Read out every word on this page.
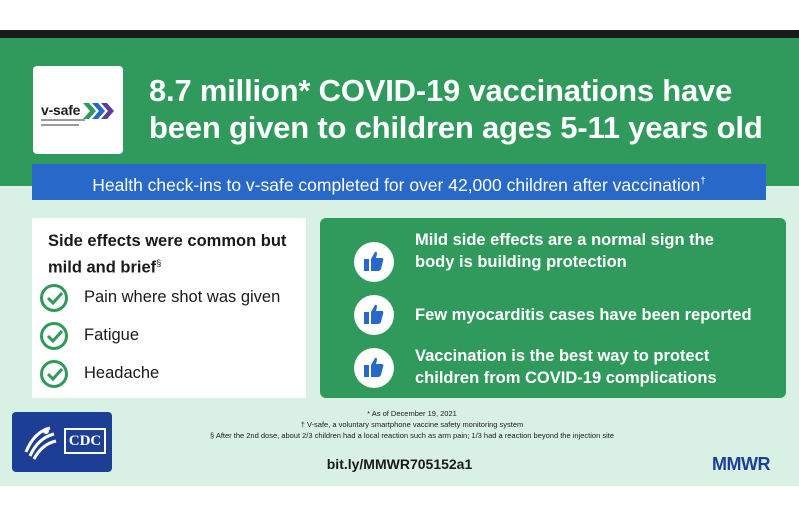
v-safe
8.7 million* COVID-19 vaccinations have
been given to children ages 5-11 years old
Health check-ins to v-safe completed for over 42,000 children after vaccination†
Side effects were common but mild and brief§
Pain where shot was given
Fatigue
Headache
Mild side effects are a normal sign the
body is building protection
Few myocarditis cases have been reported
Vaccination is the best way to protect
children from COVID-19 complications
CDC
* As of December 19, 2021
† V-safe, a voluntary smartphone vaccine safety monitoring system
§ After the 2nd dose, about 2/3 children had a local reaction such as arm pain; 1/3 had a reaction beyond the injection site
bit.ly/MMWR705152a1	MMWR
